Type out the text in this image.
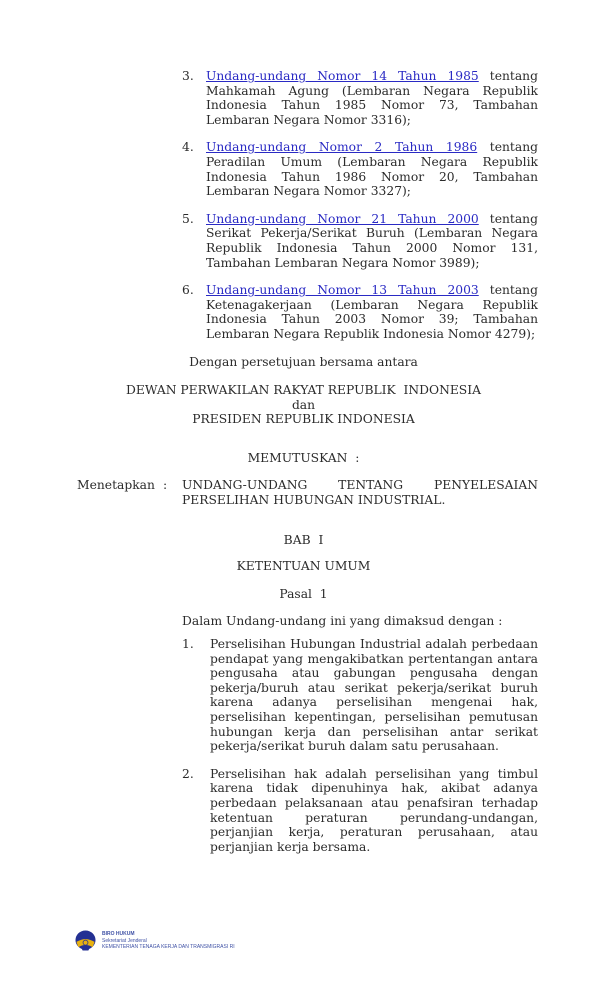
3. Undang-undang Nomor 14 Tahun 1985 tentang Mahkamah Agung (Lembaran Negara Republik Indonesia Tahun 1985 Nomor 73, Tambahan Lembaran Negara Nomor 3316);
4. Undang-undang Nomor 2 Tahun 1986 tentang Peradilan Umum (Lembaran Negara Republik Indonesia Tahun 1986 Nomor 20, Tambahan Lembaran Negara Nomor 3327);
5. Undang-undang Nomor 21 Tahun 2000 tentang Serikat Pekerja/Serikat Buruh (Lembaran Negara Republik Indonesia Tahun 2000 Nomor 131, Tambahan Lembaran Negara Nomor 3989);
6. Undang-undang Nomor 13 Tahun 2003 tentang Ketenagakerjaan (Lembaran Negara Republik Indonesia Tahun 2003 Nomor 39; Tambahan Lembaran Negara Republik Indonesia Nomor 4279);
Dengan persetujuan bersama antara
DEWAN PERWAKILAN RAKYAT REPUBLIK  INDONESIA
dan
PRESIDEN REPUBLIK INDONESIA
MEMUTUSKAN  :
Menetapkan :	UNDANG-UNDANG TENTANG PENYELESAIAN PERSELIHAN HUBUNGAN INDUSTRIAL.
BAB  I
KETENTUAN UMUM
Pasal  1
Dalam Undang-undang ini yang dimaksud dengan :
1.	Perselisihan Hubungan Industrial adalah perbedaan pendapat yang mengakibatkan pertentangan antara pengusaha atau gabungan pengusaha dengan pekerja/buruh atau serikat pekerja/serikat buruh karena adanya perselisihan mengenai hak, perselisihan kepentingan, perselisihan pemutusan hubungan kerja dan perselisihan antar serikat pekerja/serikat buruh dalam satu perusahaan.
2.	Perselisihan hak adalah perselisihan yang timbul karena tidak dipenuhinya hak, akibat adanya perbedaan pelaksanaan atau penafsiran terhadap ketentuan peraturan perundang-undangan, perjanjian kerja, peraturan perusahaan, atau perjanjian kerja bersama.
BIRO HUKUM
Sekretariat Jenderal
KEMENTERIAN TENAGA KERJA DAN TRANSMIGRASI RI
